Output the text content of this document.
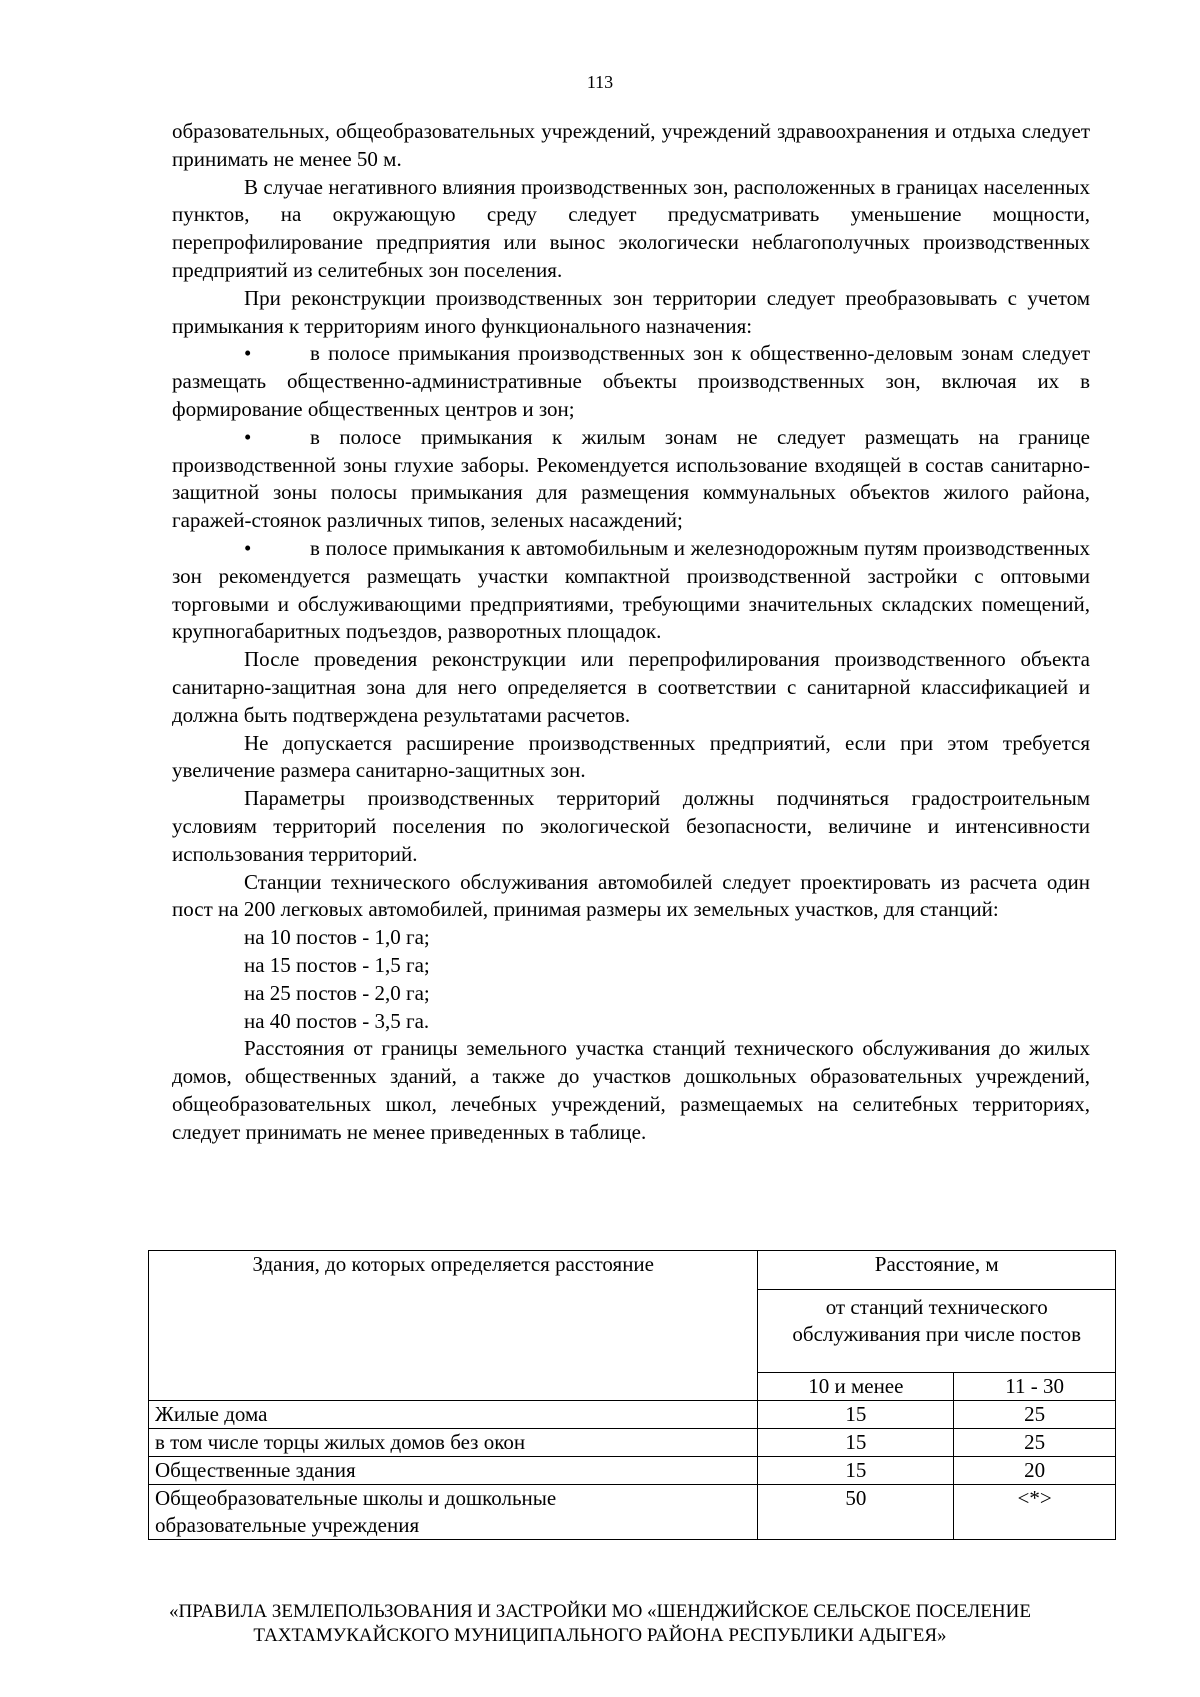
113

образовательных, общеобразовательных учреждений, учреждений здравоохранения и отдыха следует принимать не менее 50 м.

В случае негативного влияния производственных зон, расположенных в границах населенных пунктов, на окружающую среду следует предусматривать уменьшение мощности, перепрофилирование предприятия или вынос экологически неблагополучных производственных предприятий из селитебных зон поселения.

При реконструкции производственных зон территории следует преобразовывать с учетом примыкания к территориям иного функционального назначения:

•	в полосе примыкания производственных зон к общественно-деловым зонам следует размещать общественно-административные объекты производственных зон, включая их в формирование общественных центров и зон;
•	в полосе примыкания к жилым зонам не следует размещать на границе производственной зоны глухие заборы. Рекомендуется использование входящей в состав санитарно-защитной зоны полосы примыкания для размещения коммунальных объектов жилого района, гаражей-стоянок различных типов, зеленых насаждений;
•	в полосе примыкания к автомобильным и железнодорожным путям производственных зон рекомендуется размещать участки компактной производственной застройки с оптовыми торговыми и обслуживающими предприятиями, требующими значительных складских помещений, крупногабаритных подъездов, разворотных площадок.

После проведения реконструкции или перепрофилирования производственного объекта санитарно-защитная зона для него определяется в соответствии с санитарной классификацией и должна быть подтверждена результатами расчетов.

Не допускается расширение производственных предприятий, если при этом требуется увеличение размера санитарно-защитных зон.

Параметры производственных территорий должны подчиняться градостроительным условиям территорий поселения по экологической безопасности, величине и интенсивности использования территорий.

Станции технического обслуживания автомобилей следует проектировать из расчета один пост на 200 легковых автомобилей, принимая размеры их земельных участков, для станций:

на 10 постов - 1,0 га;

на 15 постов - 1,5 га;

на 25 постов - 2,0 га;

на 40 постов - 3,5 га.

Расстояния от границы земельного участка станций технического обслуживания до жилых домов, общественных зданий, а также до участков дошкольных образовательных учреждений, общеобразовательных школ, лечебных учреждений, размещаемых на селитебных территориях, следует принимать не менее приведенных в таблице.

Здания, до которых определяется расстояние	Расстояние, м	
	от станций технического обслуживания при числе постов	
	10 и менее	11 - 30
Жилые дома	15	25
в том числе торцы жилых домов без окон	15	25
Общественные здания	15	20
Общеобразовательные школы и дошкольные образовательные учреждения	50	<*>
«ПРАВИЛА ЗЕМЛЕПОЛЬЗОВАНИЯ И ЗАСТРОЙКИ МО «ШЕНДЖИЙСКОЕ СЕЛЬСКОЕ ПОСЕЛЕНИЕ
ТАХТАМУКАЙСКОГО МУНИЦИПАЛЬНОГО РАЙОНА РЕСПУБЛИКИ АДЫГЕЯ»
